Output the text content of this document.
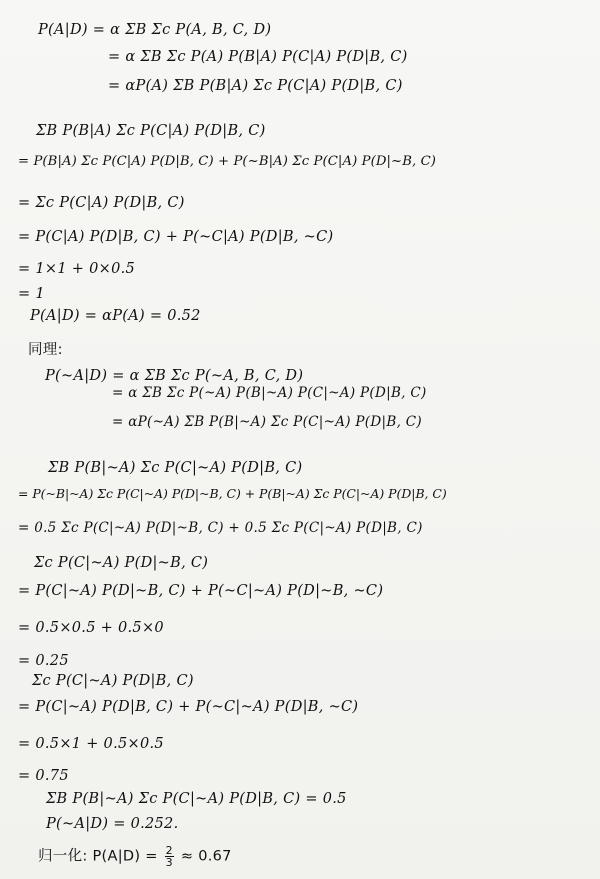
P(A|D) = α ΣB Σc P(A, B, C, D)
= α ΣB Σc P(A) P(B|A) P(C|A) P(D|B, C)
= αP(A) ΣB P(B|A) Σc P(C|A) P(D|B, C)
ΣB P(B|A) Σc P(C|A) P(D|B, C)
= P(B|A) Σc P(C|A) P(D|B, C) + P(~B|A) Σc P(C|A) P(D|~B, C)
= Σc P(C|A) P(D|B, C)
= P(C|A) P(D|B, C) + P(~C|A) P(D|B, ~C)
= 1×1 + 0×0.5
= 1
P(A|D) = αP(A) = 0.52
同理:
P(~A|D) = α ΣB Σc P(~A, B, C, D)
= α ΣB Σc P(~A) P(B|~A) P(C|~A) P(D|B, C)
= αP(~A) ΣB P(B|~A) Σc P(C|~A) P(D|B, C)
ΣB P(B|~A) Σc P(C|~A) P(D|B, C)
= P(~B|~A) Σc P(C|~A) P(D|~B, C) + P(B|~A) Σc P(C|~A) P(D|B, C)
= 0.5 Σc P(C|~A) P(D|~B, C) + 0.5 Σc P(C|~A) P(D|B, C)
Σc P(C|~A) P(D|~B, C)
= P(C|~A) P(D|~B, C) + P(~C|~A) P(D|~B, ~C)
= 0.5×0.5 + 0.5×0
= 0.25
Σc P(C|~A) P(D|B, C)
= P(C|~A) P(D|B, C) + P(~C|~A) P(D|B, ~C)
= 0.5×1 + 0.5×0.5
= 0.75
ΣB P(B|~A) Σc P(C|~A) P(D|B, C) = 0.5
P(~A|D) = 0.252.
归一化: $P(A|D) = \frac{2}{3} \approx 0.67$
